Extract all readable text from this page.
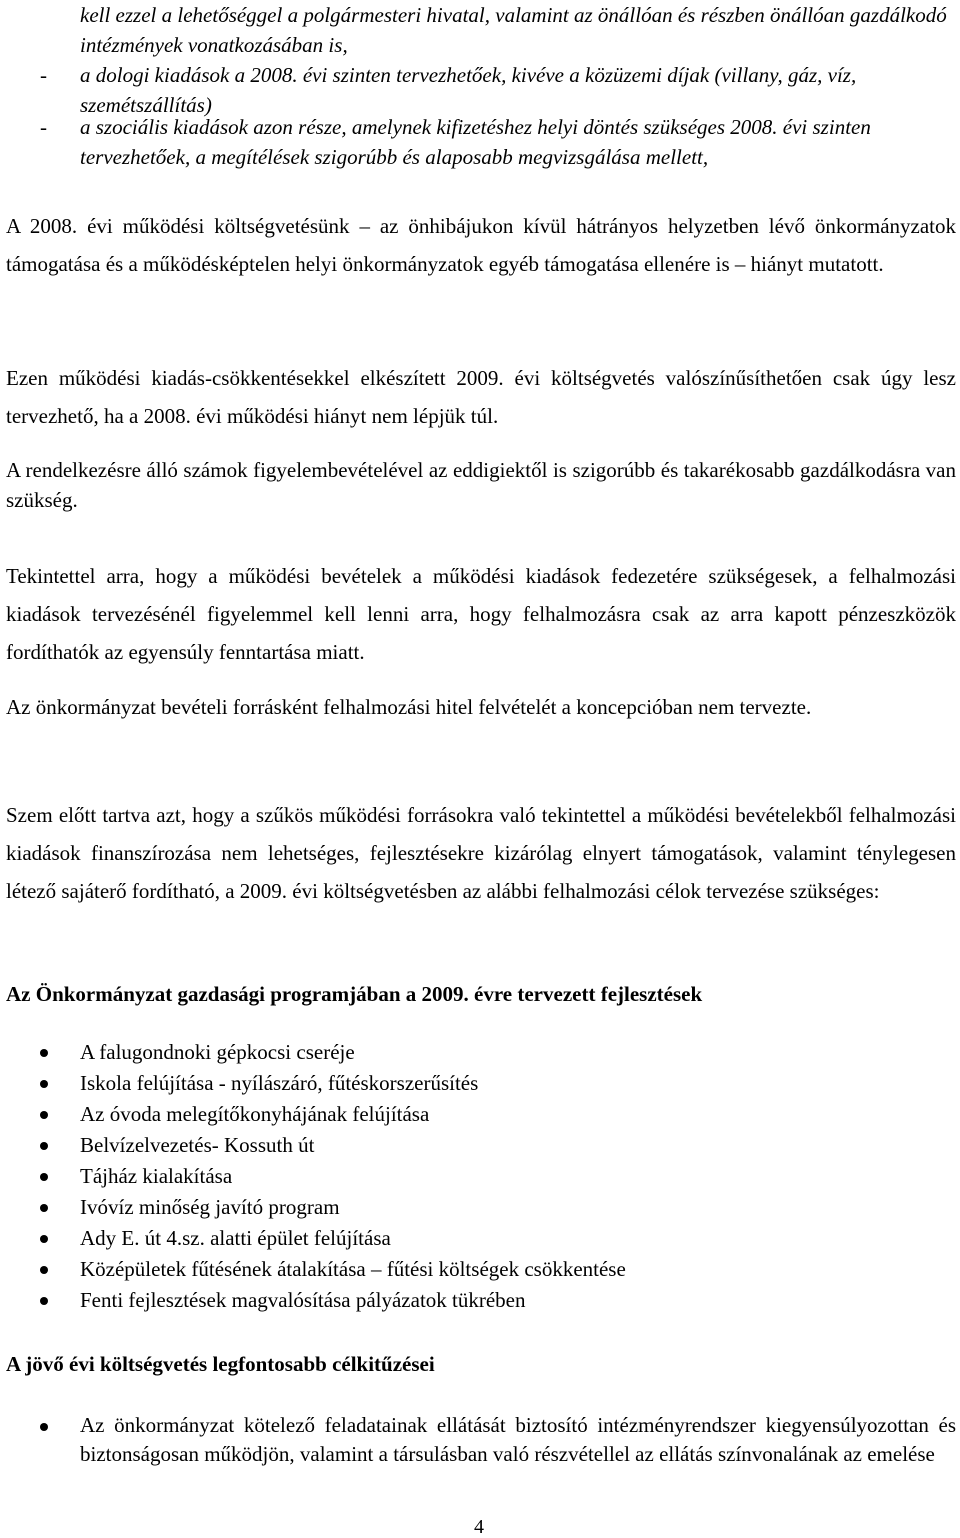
kell ezzel a lehetőséggel a polgármesteri hivatal, valamint az önállóan és részben önállóan gazdálkodó intézmények vonatkozásában is,

- a dologi kiadások a 2008. évi szinten tervezhetőek, kivéve a közüzemi díjak (villany, gáz, víz, szemétszállítás)
- a szociális kiadások azon része, amelynek kifizetéshez helyi döntés szükséges 2008. évi szinten tervezhetőek, a megítélések szigorúbb és alaposabb megvizsgálása mellett,

A 2008. évi működési költségvetésünk – az önhibájukon kívül hátrányos helyzetben lévő önkormányzatok támogatása és a működésképtelen helyi önkormányzatok egyéb támogatása ellenére is – hiányt mutatott.

Ezen működési kiadás-csökkentésekkel elkészített 2009. évi költségvetés valószínűsíthetően csak úgy lesz tervezhető, ha a 2008. évi működési hiányt nem lépjük túl.

A rendelkezésre álló számok figyelembevételével az eddigiektől is szigorúbb és takarékosabb gazdálkodásra van szükség.

Tekintettel arra, hogy a működési bevételek a működési kiadások fedezetére szükségesek, a felhalmozási kiadások tervezésénél figyelemmel kell lenni arra, hogy felhalmozásra csak az arra kapott pénzeszközök fordíthatók az egyensúly fenntartása miatt.

Az önkormányzat bevételi forrásként felhalmozási hitel felvételét a koncepcióban nem tervezte.

Szem előtt tartva azt, hogy a szűkös működési forrásokra való tekintettel a működési bevételekből felhalmozási kiadások finanszírozása nem lehetséges, fejlesztésekre kizárólag elnyert támogatások, valamint ténylegesen létező sajáterő fordítható, a 2009. évi költségvetésben az alábbi felhalmozási célok tervezése szükséges:

Az Önkormányzat gazdasági programjában a 2009. évre tervezett fejlesztések
A falugondnoki gépkocsi cseréje
Iskola felújítása - nyílászáró, fűtéskorszerűsítés
Az óvoda melegítőkonyhájának felújítása
Belvízelvezetés- Kossuth út
Tájház kialakítása
Ivóvíz minőség javító program
Ady E. út 4.sz. alatti épület felújítása
Középületek fűtésének átalakítása – fűtési költségek csökkentése
Fenti fejlesztések magvalósítása pályázatok tükrében
A jövő évi költségvetés legfontosabb célkitűzései
Az önkormányzat kötelező feladatainak ellátását biztosító intézményrendszer kiegyensúlyozottan és biztonságosan működjön, valamint a társulásban való részvétellel az ellátás színvonalának az emelése
4
